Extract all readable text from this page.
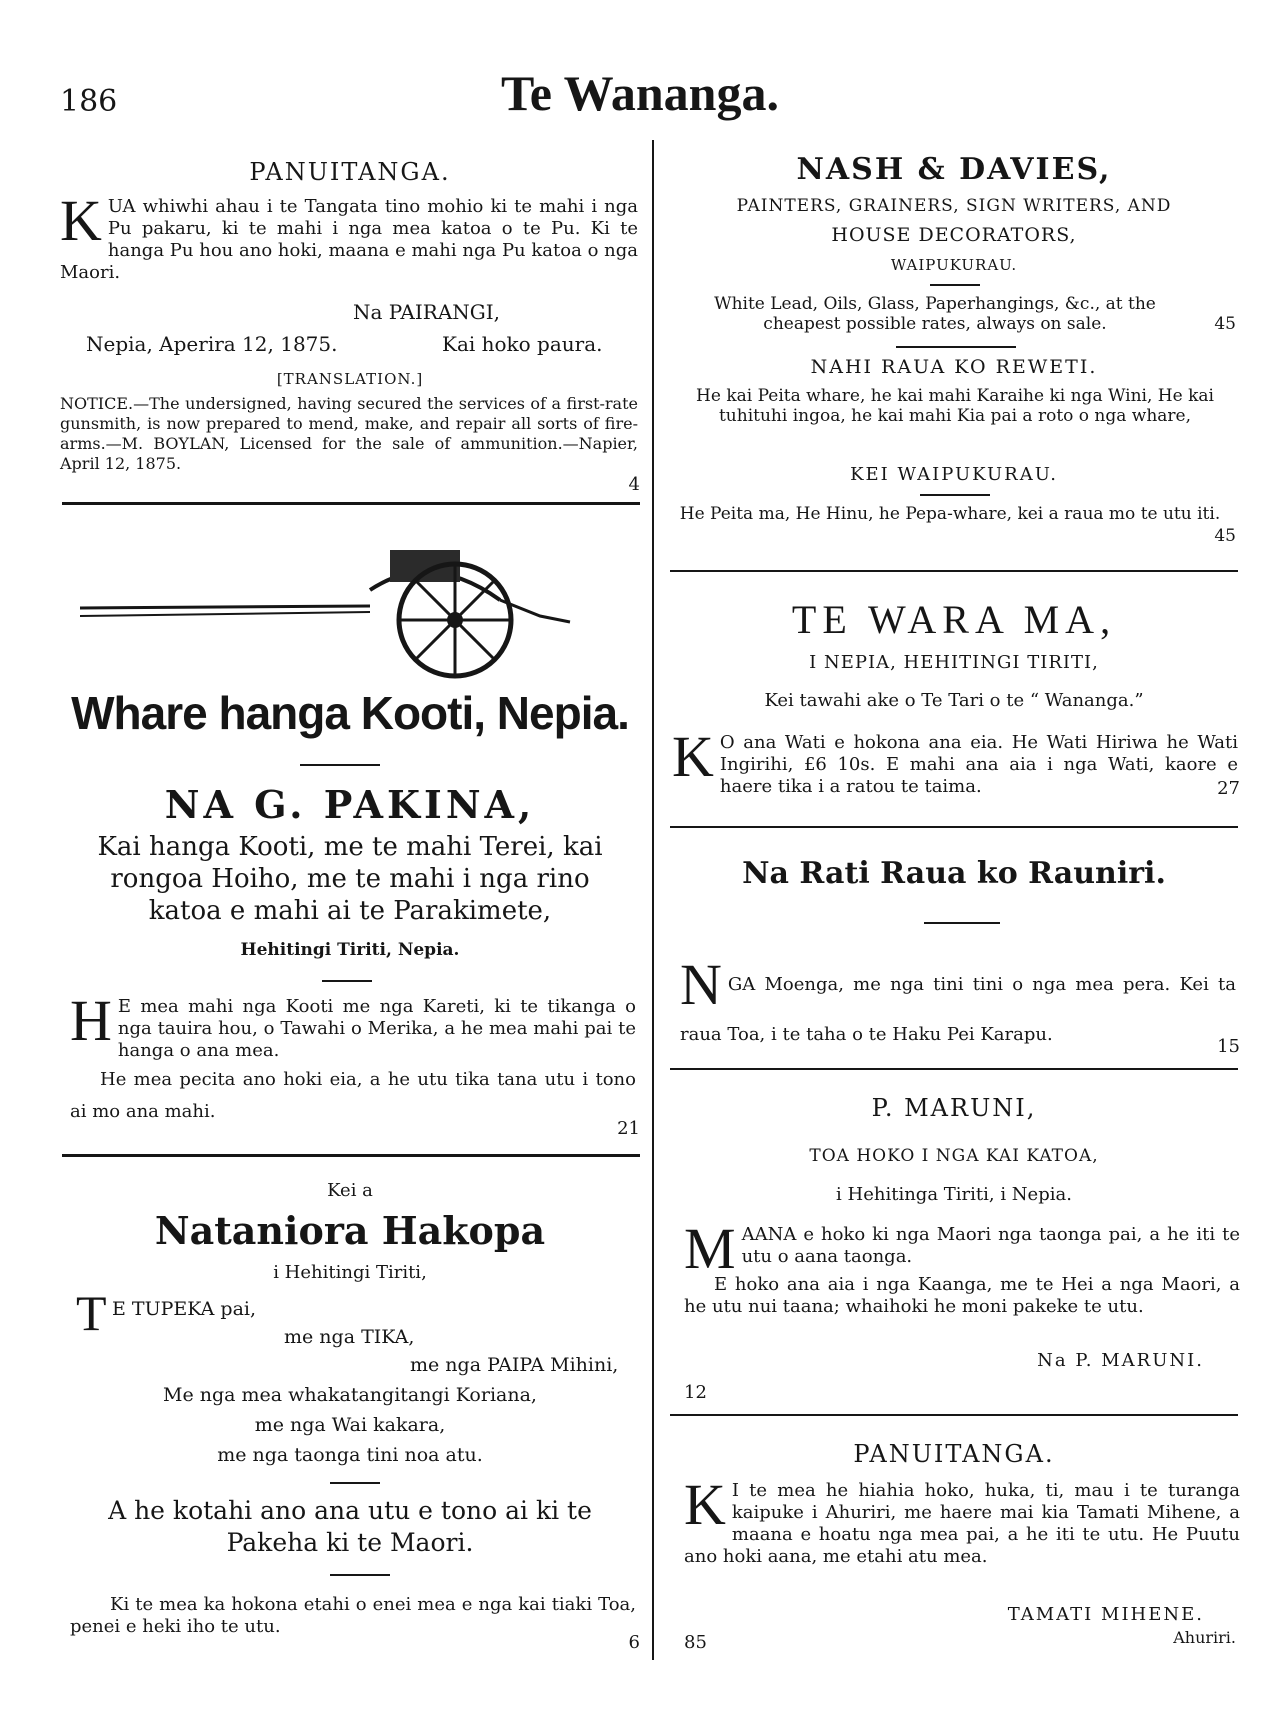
186	Te Wananga.
PANUITANGA.
K UA whiwhi ahau i te Tangata tino mohio ki te mahi i nga Pu pakaru, ki te mahi i nga mea katoa o te Pu. Ki te hanga Pu hou ano hoki, maana e mahi nga Pu katoa o nga Maori.
Na PAIRANGI,
Nepia, Aperira 12, 1875.	Kai hoko paura.
[TRANSLATION.]
NOTICE.—The undersigned, having secured the services of a first-rate gunsmith, is now prepared to mend, make, and repair all sorts of fire-arms.—M. BOYLAN, Licensed for the sale of ammunition.—Napier, April 12, 1875.
4
Whare hanga Kooti, Nepia.
NA G. PAKINA,
Kai hanga Kooti, me te mahi Terei, kai
rongoa Hoiho, me te mahi i nga rino
katoa e mahi ai te Parakimete,
Hehitingi Tiriti, Nepia.
H E mea mahi nga Kooti me nga Kareti, ki te tikanga o nga tauira hou, o Tawahi o Merika, a he mea mahi pai te hanga o ana mea.
He mea pecita ano hoki eia, a he utu tika tana utu i tono ai mo ana mahi.
21
Kei a
Nataniora Hakopa
i Hehitingi Tiriti,
T E TUPEKA pai,
me nga TIKA,
me nga PAIPA Mihini,
Me nga mea whakatangitangi Koriana,
me nga Wai kakara,
me nga taonga tini noa atu.
A he kotahi ano ana utu e tono ai ki te
Pakeha ki te Maori.
Ki te mea ka hokona etahi o enei mea e nga kai tiaki Toa, penei e heki iho te utu.
6
NASH & DAVIES,
PAINTERS, GRAINERS, SIGN WRITERS, AND
HOUSE DECORATORS,
WAIPUKURAU.
White Lead, Oils, Glass, Paperhangings, &c., at the cheapest possible rates, always on sale.	45
NAHI RAUA KO REWETI.
He kai Peita whare, he kai mahi Karaihe ki nga Wini, He kai tuhituhi ingoa, he kai mahi Kia pai a roto o nga whare,
KEI WAIPUKURAU.
He Peita ma, He Hinu, he Pepa-whare, kei a raua mo te utu iti.
45
TE WARA MA,
I NEPIA, HEHITINGI TIRITI,
Kei tawahi ake o Te Tari o te “ Wananga.”
K O ana Wati e hokona ana eia. He Wati Hiriwa he Wati Ingirihi, £6 10s. E mahi ana aia i nga Wati, kaore e haere tika i a ratou te taima.	27
Na Rati Raua ko Rauniri.
N GA Moenga, me nga tini tini o nga mea pera. Kei ta raua Toa, i te taha o te Haku Pei Karapu.
15
P. MARUNI,
TOA HOKO I NGA KAI KATOA,
i Hehitinga Tiriti, i Nepia.
M AANA e hoko ki nga Maori nga taonga pai, a he iti te utu o aana taonga.
E hoko ana aia i nga Kaanga, me te Hei a nga Maori, a he utu nui taana; whaihoki he moni pakeke te utu.
Na P. MARUNI.
12
PANUITANGA.
K I te mea he hiahia hoko, huka, ti, mau i te turanga kaipuke i Ahuriri, me haere mai kia Tamati Mihene, a maana e hoatu nga mea pai, a he iti te utu. He Puutu ano hoki aana, me etahi atu mea.
TAMATI MIHENE.
Ahuriri.
85
